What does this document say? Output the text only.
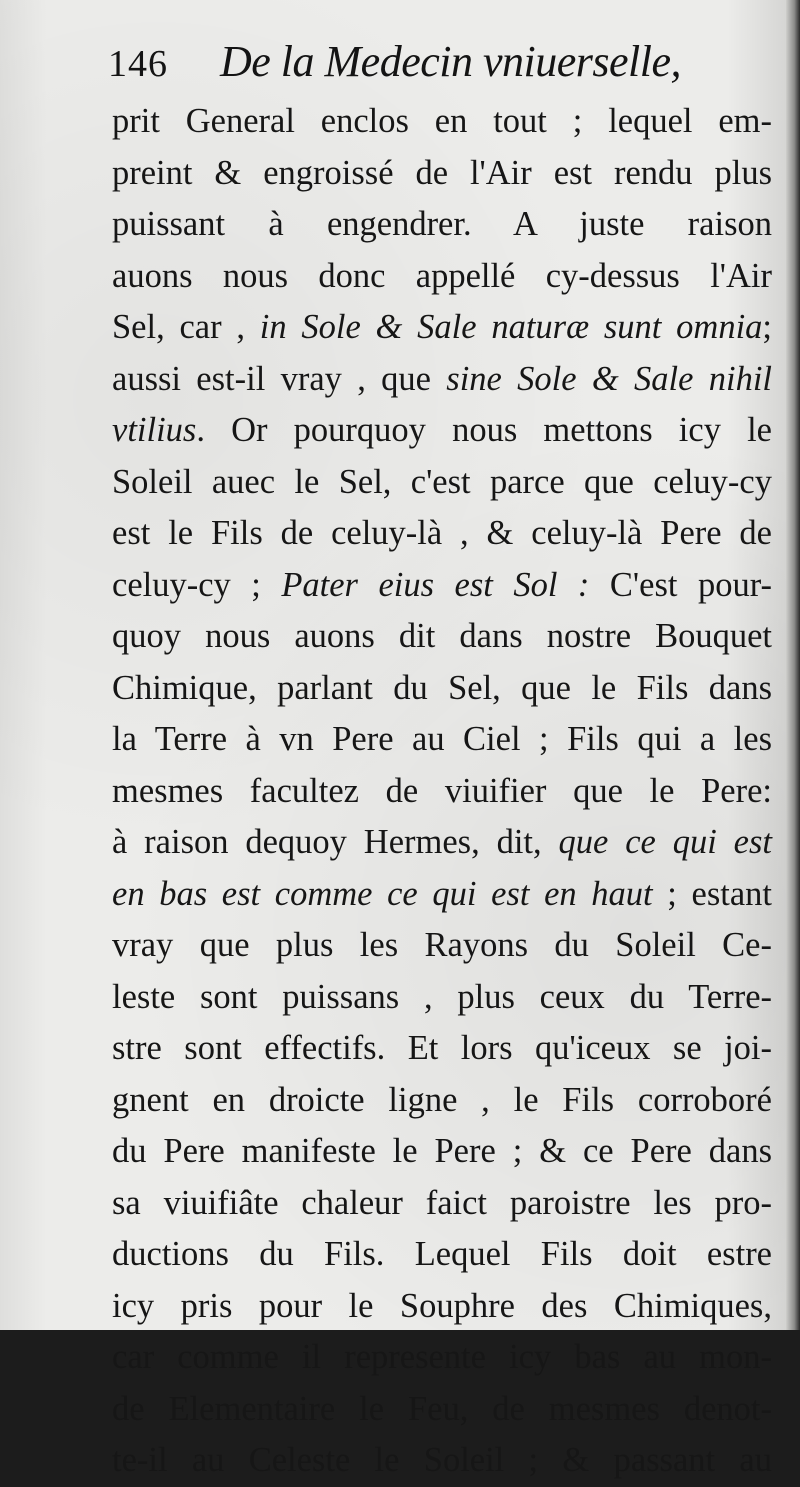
146 De la Medecin vniuerselle,
prit General enclos en tout ; lequel em-
preint & engroissé de l'Air est rendu plus
puissant à engendrer. A juste raison
auons nous donc appellé cy-dessus l'Air
Sel, car , in Sole & Sale naturæ sunt omnia;
aussi est-il vray , que sine Sole & Sale nihil
vtilius. Or pourquoy nous mettons icy le
Soleil auec le Sel, c'est parce que celuy-cy
est le Fils de celuy-là , & celuy-là Pere de
celuy-cy ; Pater eius est Sol : C'est pour-
quoy nous auons dit dans nostre Bouquet
Chimique, parlant du Sel, que le Fils dans
la Terre à vn Pere au Ciel ; Fils qui a les
mesmes facultez de viuifier que le Pere:
à raison dequoy Hermes, dit, que ce qui est
en bas est comme ce qui est en haut ; estant
vray que plus les Rayons du Soleil Ce-
leste sont puissans , plus ceux du Terre-
stre sont effectifs. Et lors qu'iceux se joi-
gnent en droicte ligne , le Fils corroboré
du Pere manifeste le Pere ; & ce Pere dans
sa viuifiâte chaleur faict paroistre les pro-
ductions du Fils. Lequel Fils doit estre
icy pris pour le Souphre des Chimiques,
car comme il represente icy bas au mon-
de Elementaire le Feu, de mesmes denot-
te-il au Celeste le Soleil ; & passant au
